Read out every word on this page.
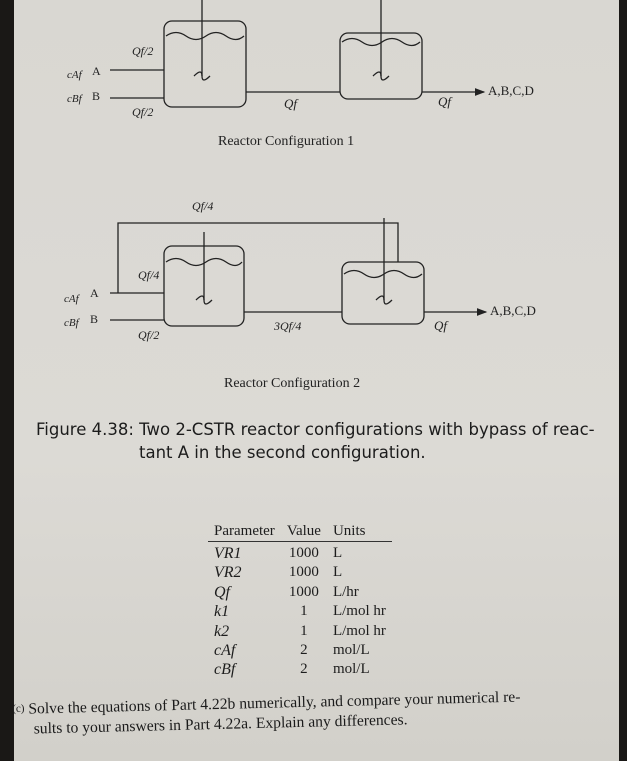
Qf/2
Qf/2
cAf A
cBf B	Qf	Qf
A,B,C,D
Reactor Configuration 1
Qf/4
Qf/4
Qf/2
cAf A
cBf B	3Qf/4	Qf
A,B,C,D
Reactor Configuration 2
Figure 4.38: Two 2-CSTR reactor configurations with bypass of reac-
tant A in the second configuration.
Parameter	Value	Units
VR1	1000	L
VR2	1000	L
Qf	1000	L/hr
k1	1	L/mol hr
k2	1	L/mol hr
cAf	2	mol/L
cBf	2	mol/L
(c) Solve the equations of Part 4.22b numerically, and compare your numerical re-
sults to your answers in Part 4.22a. Explain any differences.
